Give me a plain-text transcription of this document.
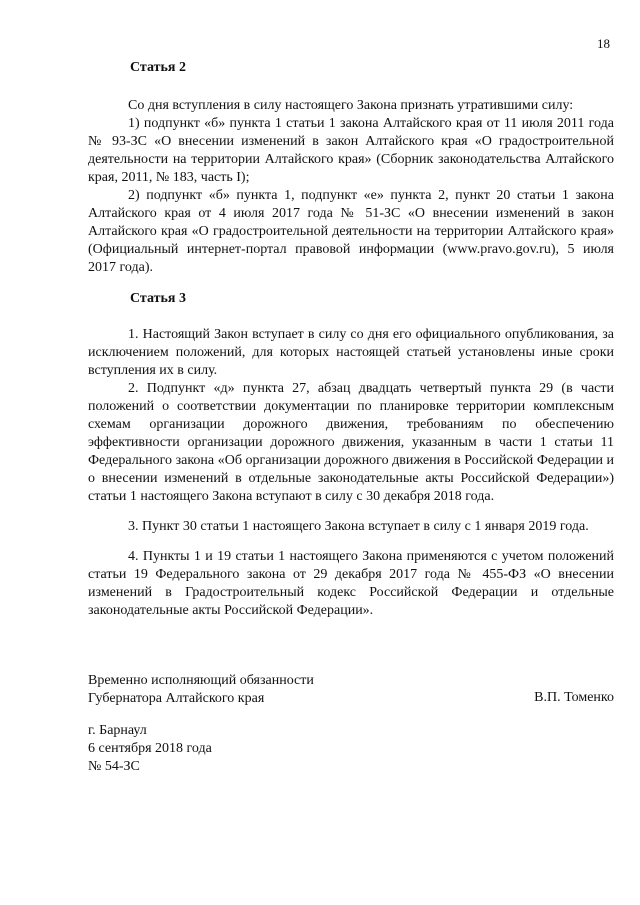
18
Статья 2

Со дня вступления в силу настоящего Закона признать утратившими силу:

1) подпункт «б» пункта 1 статьи 1 закона Алтайского края от 11 июля 2011 года № 93-ЗС «О внесении изменений в закон Алтайского края «О градостроительной деятельности на территории Алтайского края» (Сборник законодательства Алтайского края, 2011, № 183, часть I);

2) подпункт «б» пункта 1, подпункт «е» пункта 2, пункт 20 статьи 1 закона Алтайского края от 4 июля 2017 года № 51-ЗС «О внесении изменений в закон Алтайского края «О градостроительной деятельности на территории Алтайского края» (Официальный интернет-портал правовой информации (www.pravo.gov.ru), 5 июля 2017 года).

Статья 3

1. Настоящий Закон вступает в силу со дня его официального опубликования, за исключением положений, для которых настоящей статьей установлены иные сроки вступления их в силу.

2. Подпункт «д» пункта 27, абзац двадцать четвертый пункта 29 (в части положений о соответствии документации по планировке территории комплексным схемам организации дорожного движения, требованиям по обеспечению эффективности организации дорожного движения, указанным в части 1 статьи 11 Федерального закона «Об организации дорожного движения в Российской Федерации и о внесении изменений в отдельные законодательные акты Российской Федерации») статьи 1 настоящего Закона вступают в силу с 30 декабря 2018 года.

3. Пункт 30 статьи 1 настоящего Закона вступает в силу с 1 января 2019 года.

4. Пункты 1 и 19 статьи 1 настоящего Закона применяются с учетом положений статьи 19 Федерального закона от 29 декабря 2017 года № 455-ФЗ «О внесении изменений в Градостроительный кодекс Российской Федерации и отдельные законодательные акты Российской Федерации».

Временно исполняющий обязанности
Губернатора Алтайского края	В.П. Томенко
г. Барнаул
6 сентября 2018 года
№ 54-ЗС
